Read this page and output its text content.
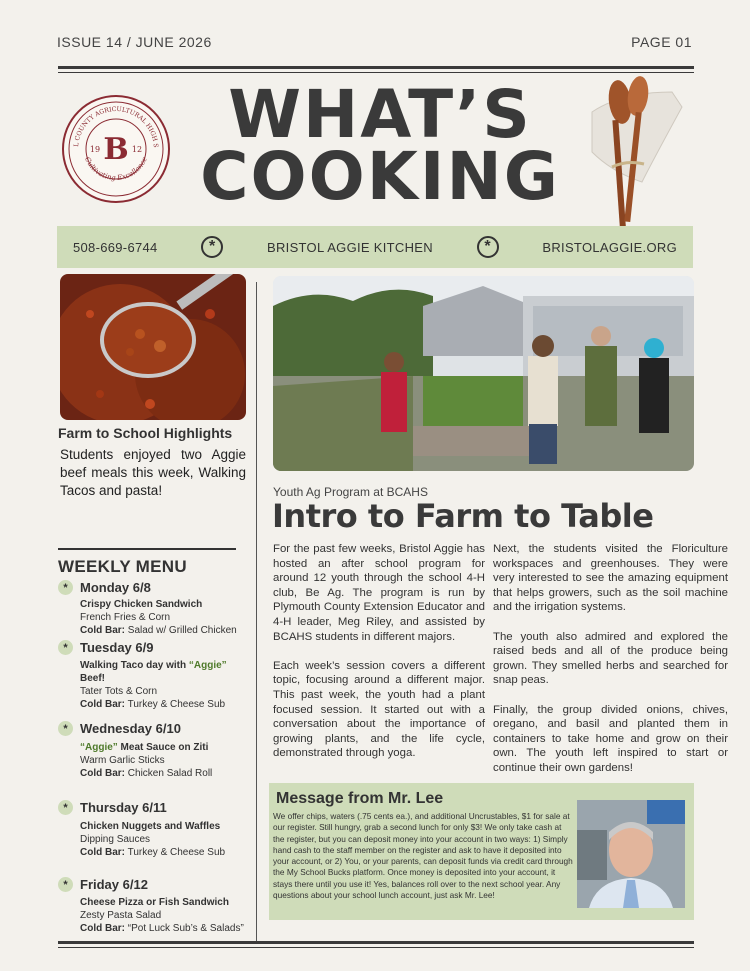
ISSUE 14 / JUNE 2026	PAGE 01
L COUNTY AGRICULTURAL HIGH S
Cultivating Excellence
B
19	12	WHAT’S
COOKING
508-669-6744	*	BRISTOL AGGIE KITCHEN	*	BRISTOLAGGIE.ORG
Farm to School Highlights
Students enjoyed two Aggie beef meals this week, Walking Tacos and pasta!	Youth Ag Program at BCAHS
Intro to Farm to Table

For the past few weeks, Bristol Aggie has hosted an after school program for around 12 youth through the school 4-H club, Be Ag. The program is run by Plymouth County Extension Educator and 4-H leader, Meg Riley, and assisted by BCAHS students in different majors.

Each week’s session covers a different topic, focusing around a different major. This past week, the youth had a plant focused session. It started out with a conversation about the importance of growing plants, and the life cycle, demonstrated through yoga.

Next, the students visited the Floriculture workspaces and greenhouses. They were very interested to see the amazing equipment that helps growers, such as the soil machine and the irrigation systems.

The youth also admired and explored the raised beds and all of the produce being grown. They smelled herbs and searched for snap peas.

Finally, the group divided onions, chives, oregano, and basil and planted them in containers to take home and grow on their own. The youth left inspired to start or continue their own gardens!

WEEKLY MENU
* Monday 6/8
Crispy Chicken Sandwich
French Fries & Corn
Cold Bar: Salad w/ Grilled Chicken
* Tuesday 6/9
Walking Taco day with “Aggie” Beef!
Tater Tots & Corn
Cold Bar: Turkey & Cheese Sub
* Wednesday 6/10
“Aggie” Meat Sauce on Ziti
Warm Garlic Sticks
Cold Bar: Chicken Salad Roll
* Thursday 6/11
Chicken Nuggets and Waffles
Dipping Sauces
Cold Bar: Turkey & Cheese Sub
* Friday 6/12
Cheese Pizza or Fish Sandwich
Zesty Pasta Salad
Cold Bar: “Pot Luck Sub’s & Salads”
Message from Mr. Lee
We offer chips, waters (.75 cents ea.), and additional Uncrustables, $1 for sale at our register. Still hungry, grab a second lunch for only $3! We only take cash at the register, but you can deposit money into your account in two ways: 1) Simply hand cash to the staff member on the register and ask to have it deposited into your account, or 2) You, or your parents, can deposit funds via credit card through the My School Bucks platform. Once money is deposited into your account, it stays there until you use it! Yes, balances roll over to the next school year. Any questions about your school lunch account, just ask Mr. Lee!
